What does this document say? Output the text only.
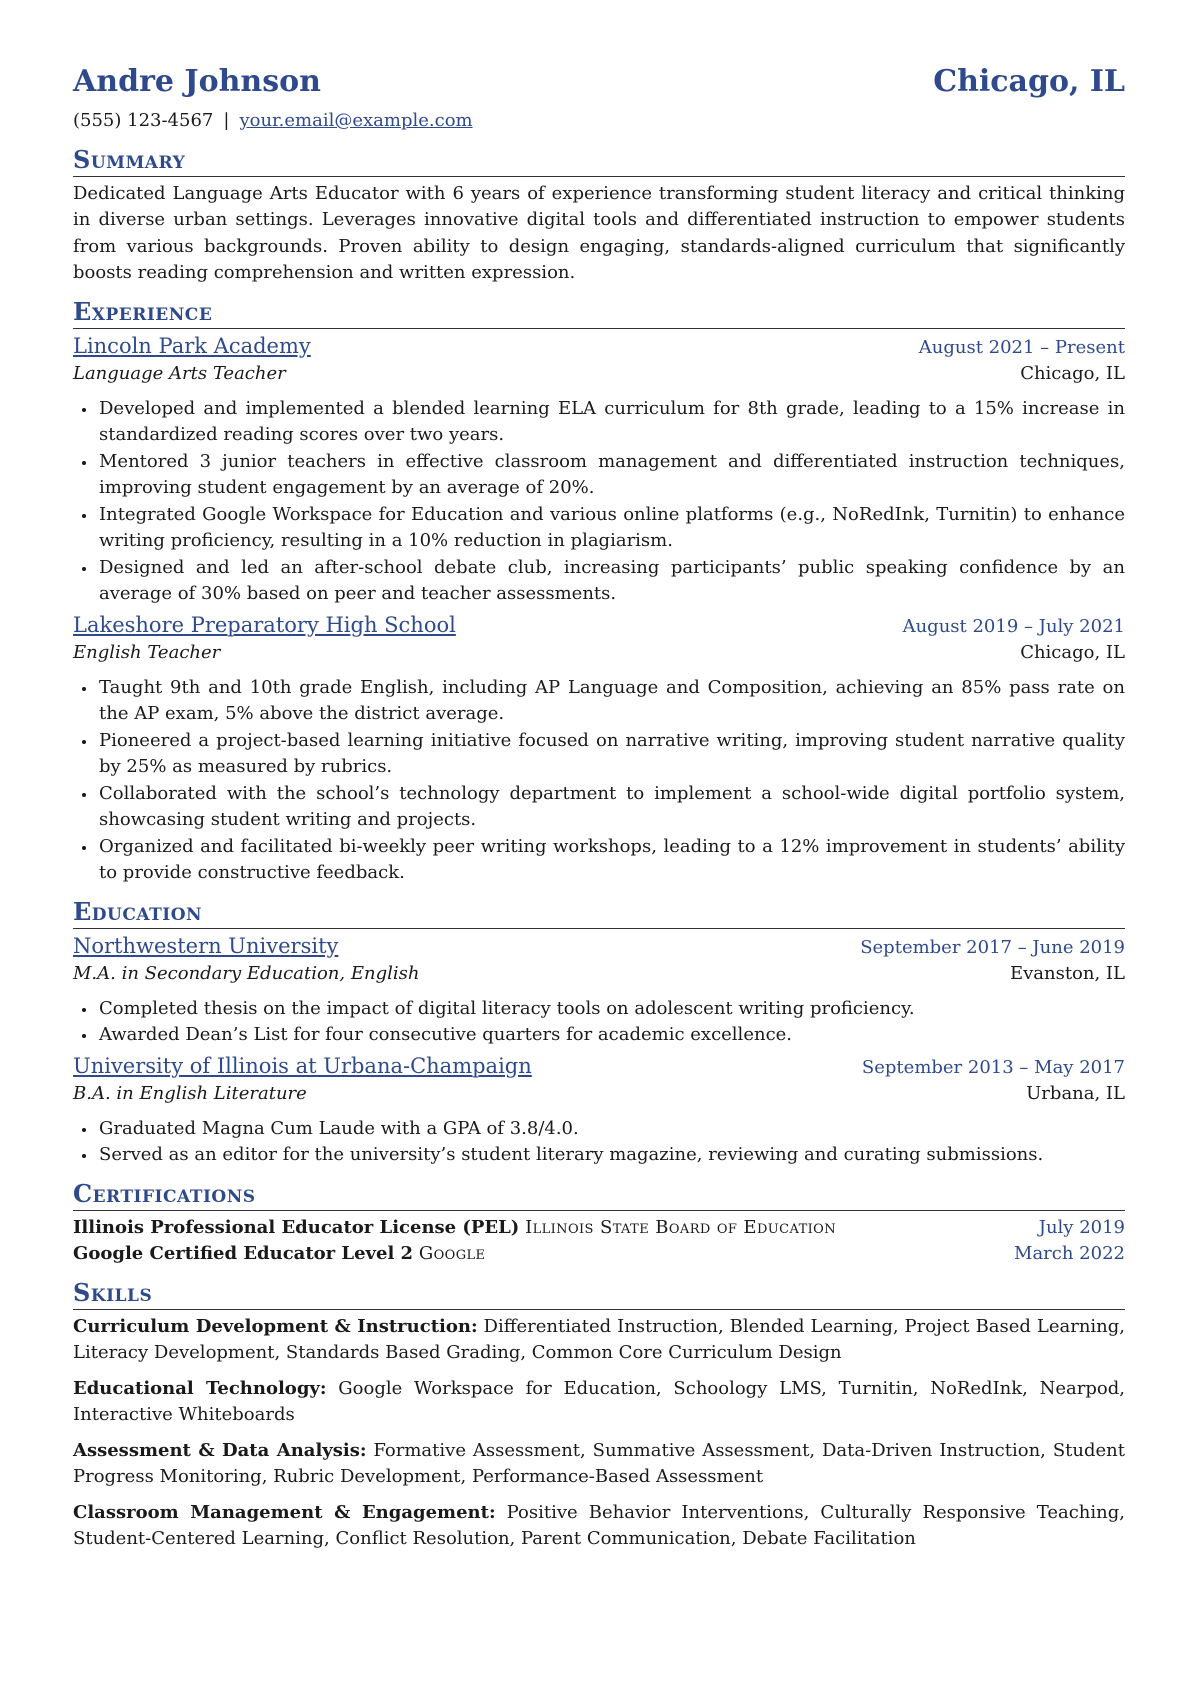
Andre Johnson	Chicago, IL
(555) 123-4567 | your.email@example.com
Summary
Dedicated Language Arts Educator with 6 years of experience transforming student literacy and critical thinking in diverse urban settings. Leverages innovative digital tools and differentiated instruction to empower students from various backgrounds. Proven ability to design engaging, standards-aligned curriculum that significantly boosts reading comprehension and written expression.
Experience
Lincoln Park Academy	August 2021 – Present
Language Arts Teacher	Chicago, IL
• Developed and implemented a blended learning ELA curriculum for 8th grade, leading to a 15% increase in standardized reading scores over two years.
• Mentored 3 junior teachers in effective classroom management and differentiated instruction techniques, improving student engagement by an average of 20%.
• Integrated Google Workspace for Education and various online platforms (e.g., NoRedInk, Turnitin) to enhance writing proficiency, resulting in a 10% reduction in plagiarism.
• Designed and led an after-school debate club, increasing participants’ public speaking confidence by an average of 30% based on peer and teacher assessments.
Lakeshore Preparatory High School	August 2019 – July 2021
English Teacher	Chicago, IL
• Taught 9th and 10th grade English, including AP Language and Composition, achieving an 85% pass rate on the AP exam, 5% above the district average.
• Pioneered a project-based learning initiative focused on narrative writing, improving student narrative quality by 25% as measured by rubrics.
• Collaborated with the school’s technology department to implement a school-wide digital portfolio system, showcasing student writing and projects.
• Organized and facilitated bi-weekly peer writing workshops, leading to a 12% improvement in students’ ability to provide constructive feedback.
Education
Northwestern University	September 2017 – June 2019
M.A. in Secondary Education, English	Evanston, IL
• Completed thesis on the impact of digital literacy tools on adolescent writing proficiency.
• Awarded Dean’s List for four consecutive quarters for academic excellence.
University of Illinois at Urbana-Champaign	September 2013 – May 2017
B.A. in English Literature	Urbana, IL
• Graduated Magna Cum Laude with a GPA of 3.8/4.0.
• Served as an editor for the university’s student literary magazine, reviewing and curating submissions.
Certifications
Illinois Professional Educator License (PEL) Illinois State Board of Education	July 2019
Google Certified Educator Level 2 Google	March 2022
Skills
Curriculum Development & Instruction: Differentiated Instruction, Blended Learning, Project Based Learning, Literacy Development, Standards Based Grading, Common Core Curriculum Design
Educational Technology: Google Workspace for Education, Schoology LMS, Turnitin, NoRedInk, Nearpod, Interactive Whiteboards
Assessment & Data Analysis: Formative Assessment, Summative Assessment, Data-Driven Instruction, Student Progress Monitoring, Rubric Development, Performance-Based Assessment
Classroom Management & Engagement: Positive Behavior Interventions, Culturally Responsive Teaching, Student-Centered Learning, Conflict Resolution, Parent Communication, Debate Facilitation
